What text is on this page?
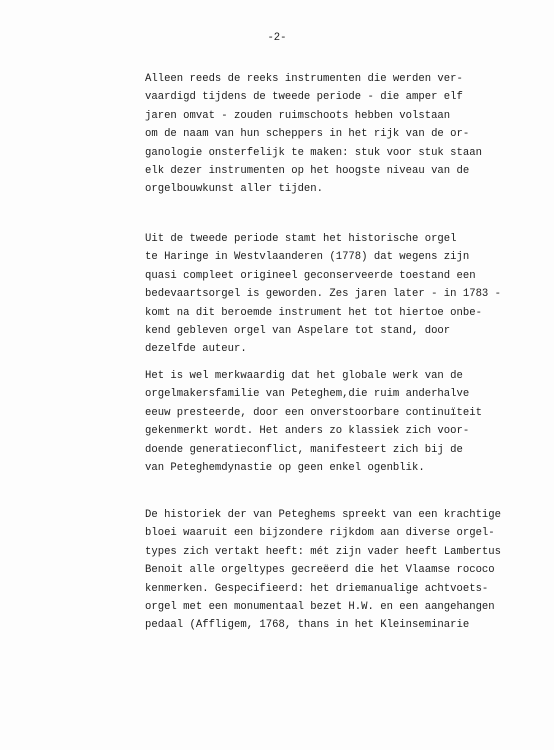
-2-
Alleen reeds de reeks instrumenten die werden ver-
vaardigd tijdens de tweede periode - die amper elf
jaren omvat - zouden ruimschoots hebben volstaan
om de naam van hun scheppers in het rijk van de or-
ganologie onsterfelijk te maken: stuk voor stuk staan
elk dezer instrumenten op het hoogste niveau van de
orgelbouwkunst aller tijden.
Uit de tweede periode stamt het historische orgel
te Haringe in Westvlaanderen (1778) dat wegens zijn
quasi compleet origineel geconserveerde toestand een
bedevaartsorgel is geworden. Zes jaren later - in 1783 -
komt na dit beroemde instrument het tot hiertoe onbe-
kend gebleven orgel van Aspelare tot stand, door
dezelfde auteur.
Het is wel merkwaardig dat het globale werk van de
orgelmakersfamilie van Peteghem,die ruim anderhalve
eeuw presteerde, door een onverstoorbare continuïteit
gekenmerkt wordt. Het anders zo klassiek zich voor-
doende generatieconflict, manifesteert zich bij de
van Peteghemdynastie op geen enkel ogenblik.
De historiek der van Peteghems spreekt van een krachtige
bloei waaruit een bijzondere rijkdom aan diverse orgel-
types zich vertakt heeft: mét zijn vader heeft Lambertus
Benoit alle orgeltypes gecreëerd die het Vlaamse rococo
kenmerken. Gespecifieerd: het driemanualige achtvoets-
orgel met een monumentaal bezet H.W. en een aangehangen
pedaal (Affligem, 1768, thans in het Kleinseminarie
